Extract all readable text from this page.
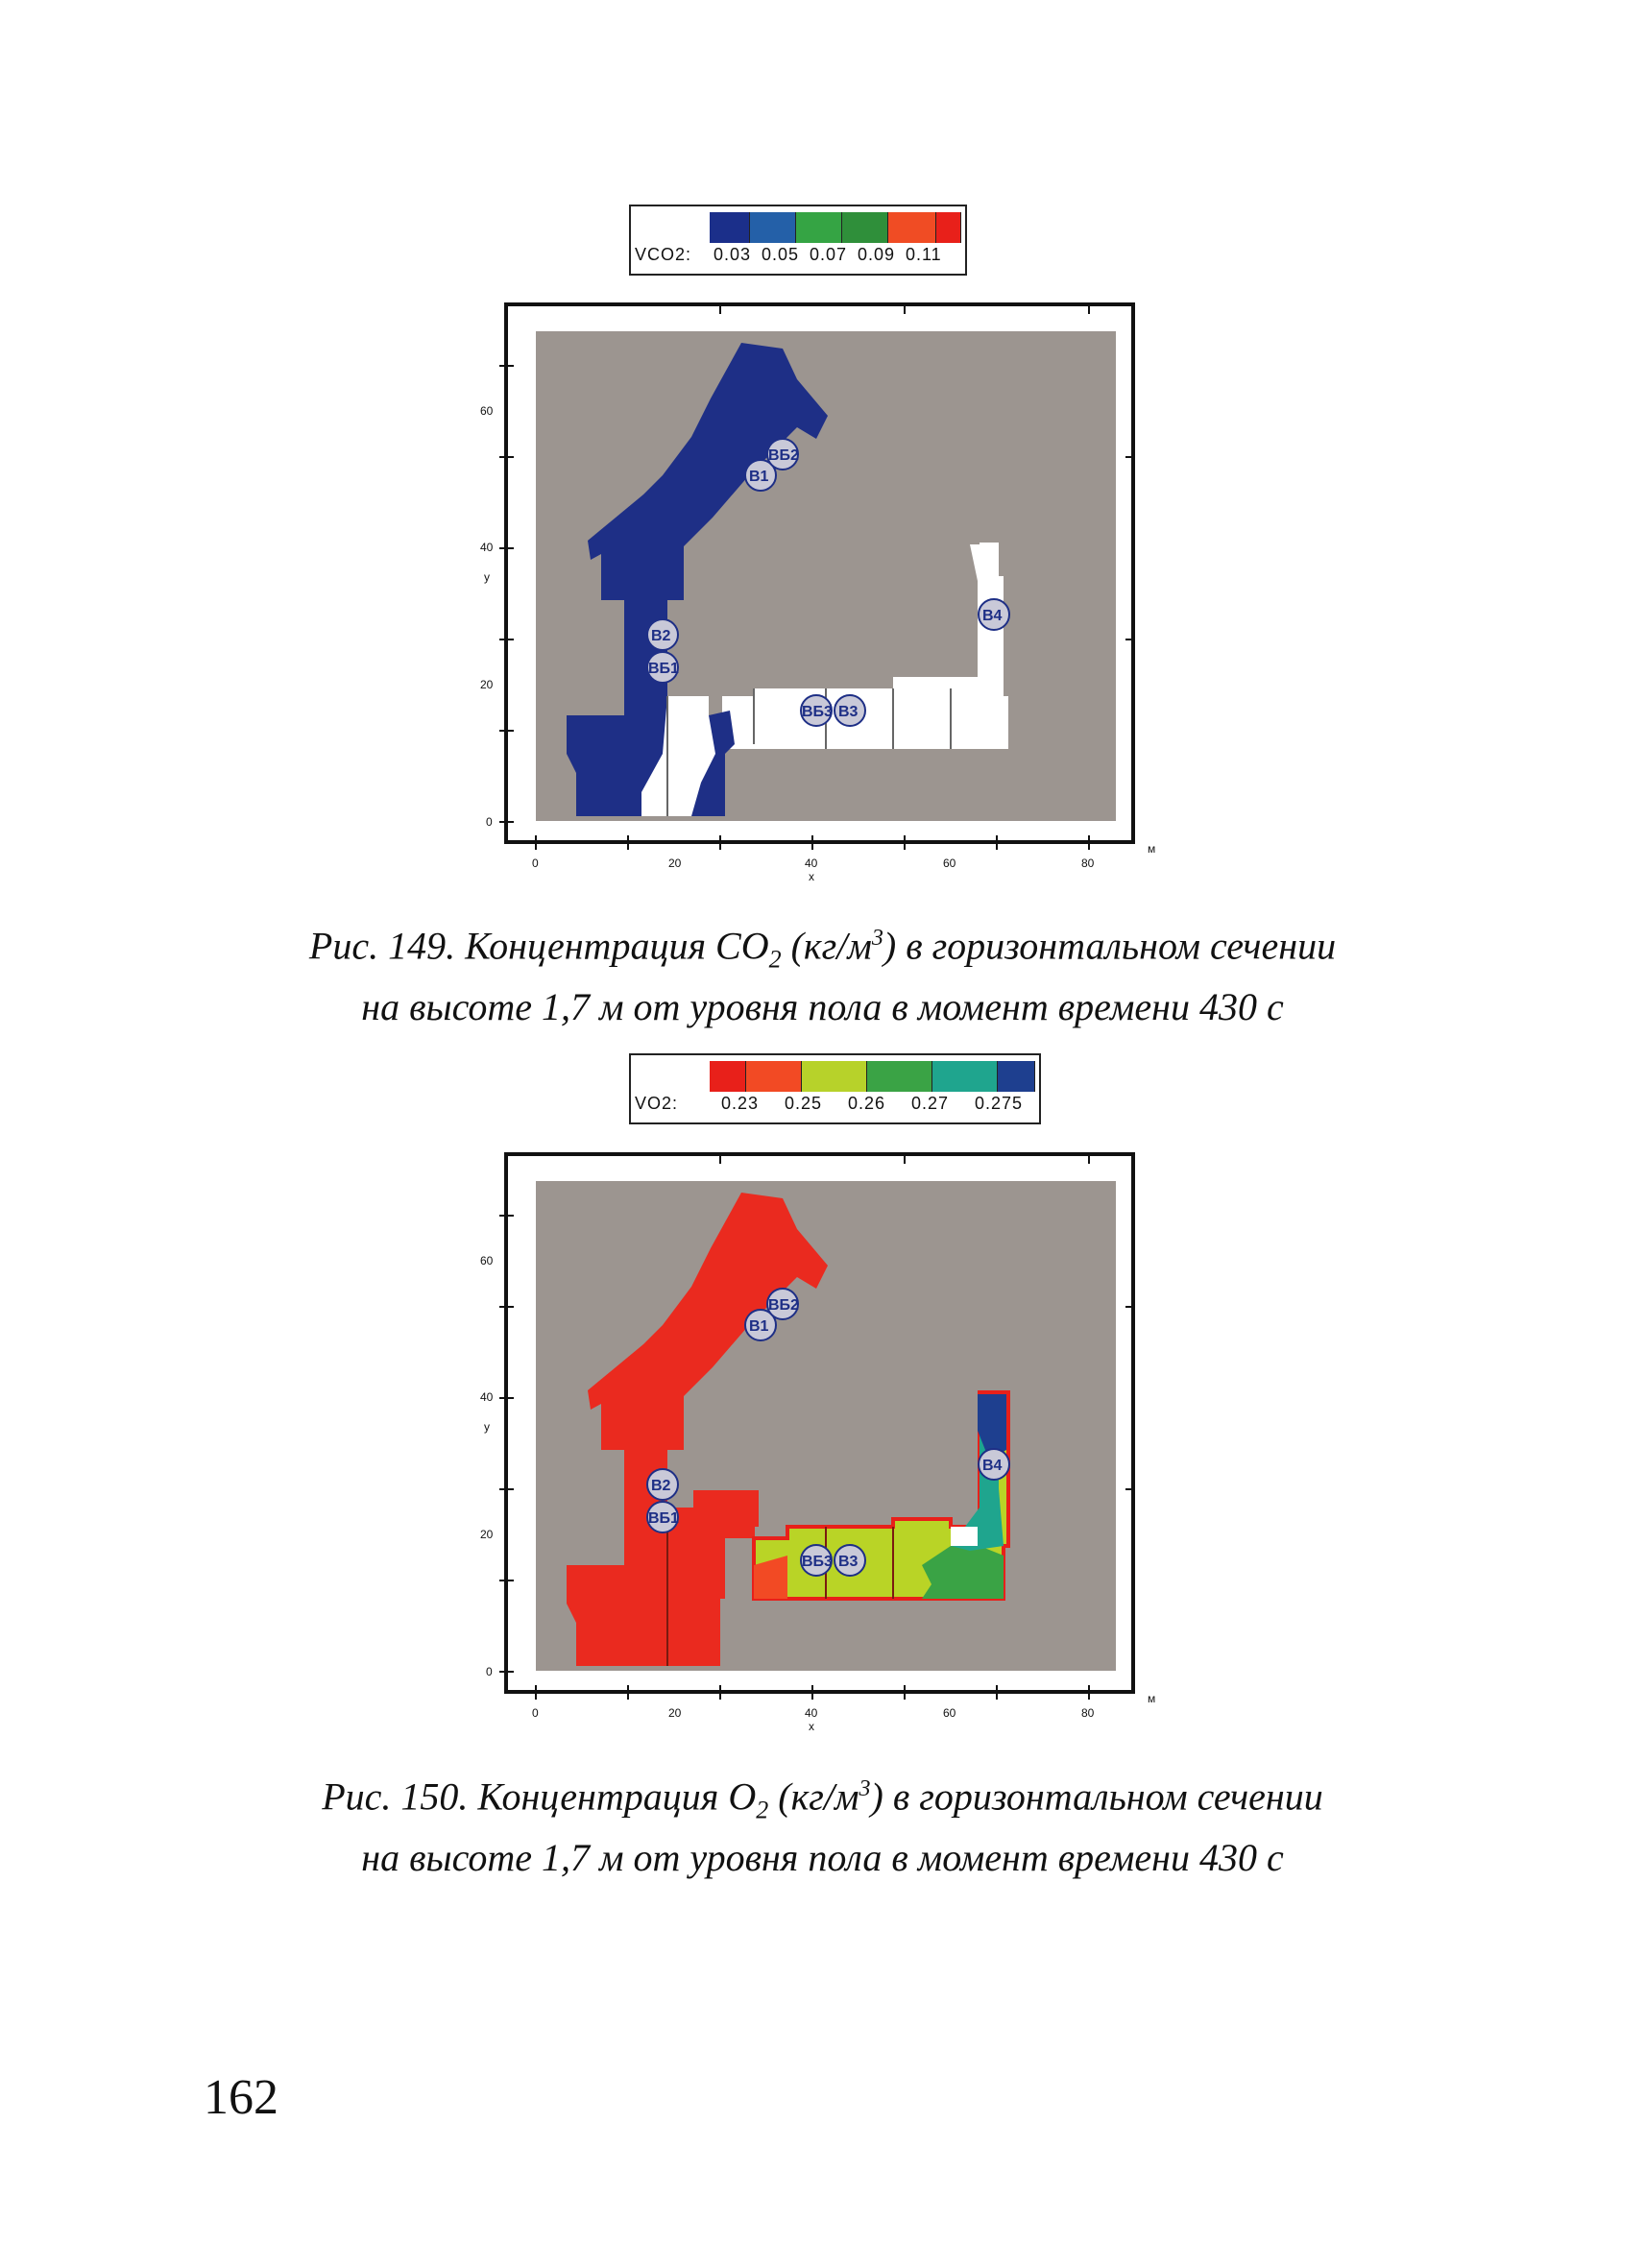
VCO2: 0.03 0.05 0.07 0.09 0.11
0	20	40	60	80
x
м
0
20
40
60
y
В1
ВБ2
В2
ВБ1
ВБ3 В3
В4
Рис. 149. Концентрация $CO_2$ $(кг/м^3)$ в горизонтальном сечении
на высоте 1,7 м от уровня пола в момент времени 430 с
VO2: 0.23 0.25 0.26 0.27 0.275
0	20	40	60	80
x
м
0
20
40
60
y
В1
ВБ2
В2
ВБ1
ВБ3 В3
В4
Рис. 150. Концентрация $O_2$ $(кг/м^3)$ в горизонтальном сечении
на высоте 1,7 м от уровня пола в момент времени 430 с
162
